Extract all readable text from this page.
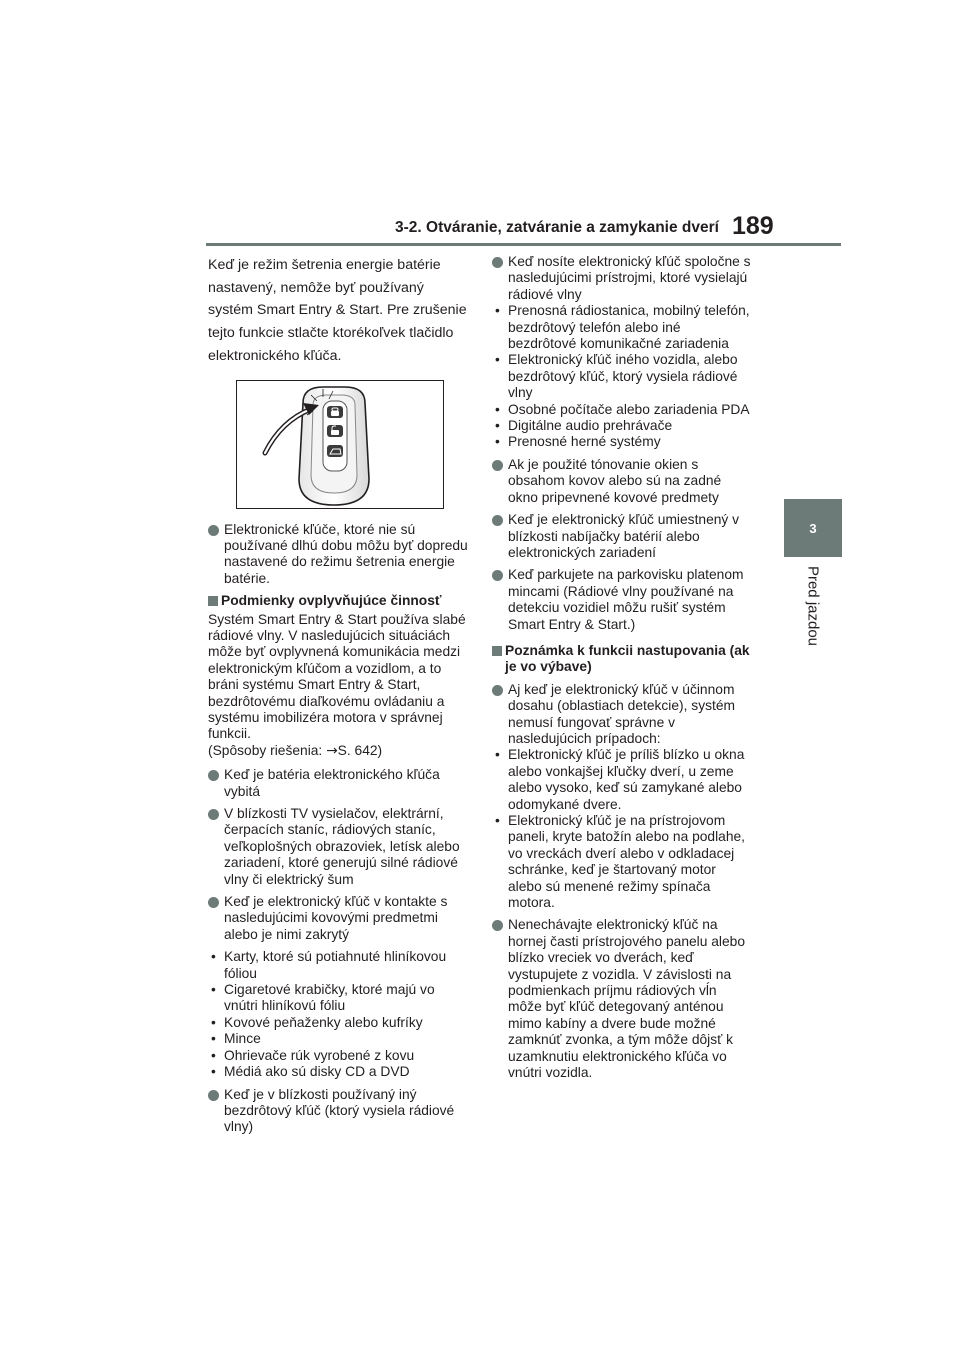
3-2. Otváranie, zatváranie a zamykanie dverí 189
3
Pred jazdou

Keď je režim šetrenia energie batérie nastavený, nemôže byť používaný systém Smart Entry & Start. Pre zrušenie tejto funkcie stlačte ktorékoľvek tlačidlo elektronického kľúča.

Elektronické kľúče, ktoré nie sú používané dlhú dobu môžu byť dopredu nastavené do režimu šetrenia energie batérie.
Podmienky ovplyvňujúce činnosť

Systém Smart Entry & Start používa slabé rádiové vlny. V nasledujúcich situáciách môže byť ovplyvnená komunikácia medzi elektronickým kľúčom a vozidlom, a to bráni systému Smart Entry & Start, bezdrôtovému diaľkovému ovládaniu a systému imobilizéra motora v správnej funkcii.
(Spôsoby riešenia: →S. 642)

Keď je batéria elektronického kľúča vybitá
V blízkosti TV vysielačov, elektrární, čerpacích staníc, rádiových staníc, veľkoplošných obrazoviek, letísk alebo zariadení, ktoré generujú silné rádiové vlny či elektrický šum
Keď je elektronický kľúč v kontakte s nasledujúcimi kovovými predmetmi alebo je nimi zakrytý
• Karty, ktoré sú potiahnuté hliníkovou fóliou
• Cigaretové krabičky, ktoré majú vo vnútri hliníkovú fóliu
• Kovové peňaženky alebo kufríky
• Mince
• Ohrievače rúk vyrobené z kovu
• Médiá ako sú disky CD a DVD
Keď je v blízkosti používaný iný bezdrôtový kľúč (ktorý vysiela rádiové vlny)
Keď nosíte elektronický kľúč spoločne s nasledujúcimi prístrojmi, ktoré vysielajú rádiové vlny
• Prenosná rádiostanica, mobilný telefón, bezdrôtový telefón alebo iné bezdrôtové komunikačné zariadenia
• Elektronický kľúč iného vozidla, alebo bezdrôtový kľúč, ktorý vysiela rádiové vlny
• Osobné počítače alebo zariadenia PDA
• Digitálne audio prehrávače
• Prenosné herné systémy
Ak je použité tónovanie okien s obsahom kovov alebo sú na zadné okno pripevnené kovové predmety
Keď je elektronický kľúč umiestnený v blízkosti nabíjačky batérií alebo elektronických zariadení
Keď parkujete na parkovisku platenom mincami (Rádiové vlny používané na detekciu vozidiel môžu rušiť systém Smart Entry & Start.)
Poznámka k funkcii nastupovania (ak je vo výbave)
Aj keď je elektronický kľúč v účinnom dosahu (oblastiach detekcie), systém nemusí fungovať správne v nasledujúcich prípadoch:
• Elektronický kľúč je príliš blízko u okna alebo vonkajšej kľučky dverí, u zeme alebo vysoko, keď sú zamykané alebo odomykané dvere.
• Elektronický kľúč je na prístrojovom paneli, kryte batožín alebo na podlahe, vo vreckách dverí alebo v odkladacej schránke, keď je štartovaný motor alebo sú menené režimy spínača motora.
Nenechávajte elektronický kľúč na hornej časti prístrojového panelu alebo blízko vreciek vo dverách, keď vystupujete z vozidla. V závislosti na podmienkach príjmu rádiových vĺn môže byť kľúč detegovaný anténou mimo kabíny a dvere bude možné zamknúť zvonka, a tým môže dôjsť k uzamknutiu elektronického kľúča vo vnútri vozidla.
